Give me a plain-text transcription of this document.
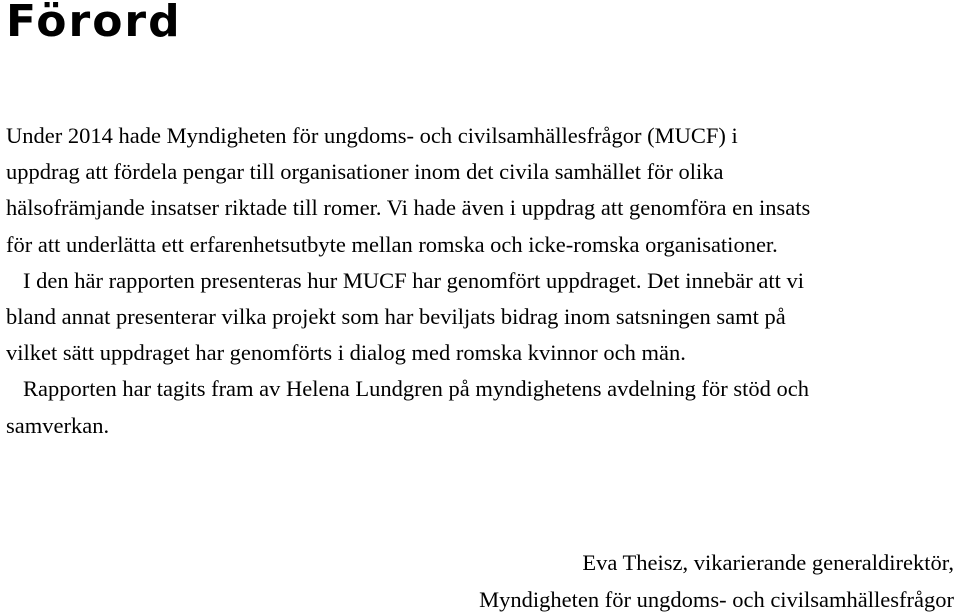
Förord
Under 2014 hade Myndigheten för ungdoms- och civilsamhällesfrågor (MUCF) i
uppdrag att fördela pengar till organisationer inom det civila samhället för olika
hälsofrämjande insatser riktade till romer. Vi hade även i uppdrag att genomföra en insats
för att underlätta ett erfarenhetsutbyte mellan romska och icke-romska organisationer.
I den här rapporten presenteras hur MUCF har genomfört uppdraget. Det innebär att vi
bland annat presenterar vilka projekt som har beviljats bidrag inom satsningen samt på
vilket sätt uppdraget har genomförts i dialog med romska kvinnor och män.
Rapporten har tagits fram av Helena Lundgren på myndighetens avdelning för stöd och
samverkan.
Eva Theisz, vikarierande generaldirektör,
Myndigheten för ungdoms- och civilsamhällesfrågor
